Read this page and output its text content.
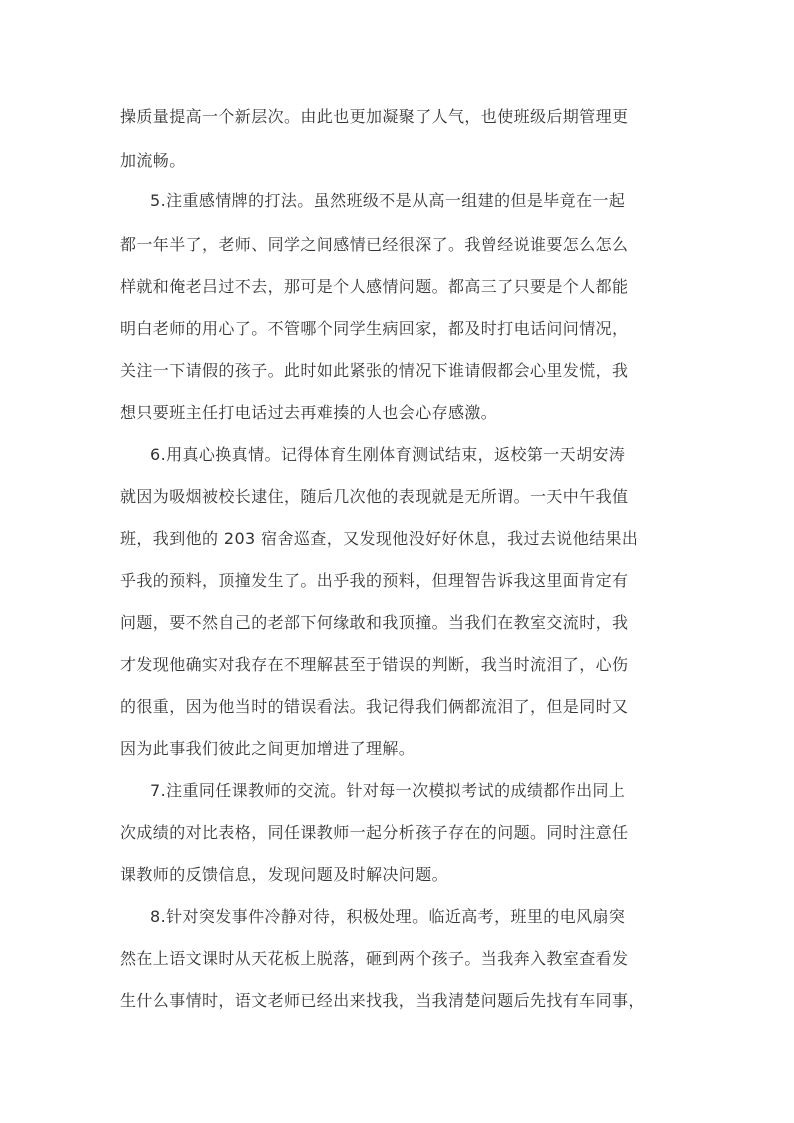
操质量提高一个新层次。由此也更加凝聚了人气，也使班级后期管理更
加流畅。
5.注重感情牌的打法。虽然班级不是从高一组建的但是毕竟在一起
都一年半了，老师、同学之间感情已经很深了。我曾经说谁要怎么怎么
样就和俺老吕过不去，那可是个人感情问题。都高三了只要是个人都能
明白老师的用心了。不管哪个同学生病回家，都及时打电话问问情况，
关注一下请假的孩子。此时如此紧张的情况下谁请假都会心里发慌，我
想只要班主任打电话过去再难揍的人也会心存感激。
6.用真心换真情。记得体育生刚体育测试结束，返校第一天胡安涛
就因为吸烟被校长逮住，随后几次他的表现就是无所谓。一天中午我值
班，我到他的 203 宿舍巡查，又发现他没好好休息，我过去说他结果出
乎我的预料，顶撞发生了。出乎我的预料，但理智告诉我这里面肯定有
问题，要不然自己的老部下何缘敢和我顶撞。当我们在教室交流时，我
才发现他确实对我存在不理解甚至于错误的判断，我当时流泪了，心伤
的很重，因为他当时的错误看法。我记得我们俩都流泪了，但是同时又
因为此事我们彼此之间更加增进了理解。
7.注重同任课教师的交流。针对每一次模拟考试的成绩都作出同上
次成绩的对比表格，同任课教师一起分析孩子存在的问题。同时注意任
课教师的反馈信息，发现问题及时解决问题。
8.针对突发事件冷静对待，积极处理。临近高考，班里的电风扇突
然在上语文课时从天花板上脱落，砸到两个孩子。当我奔入教室查看发
生什么事情时，语文老师已经出来找我，当我清楚问题后先找有车同事，
